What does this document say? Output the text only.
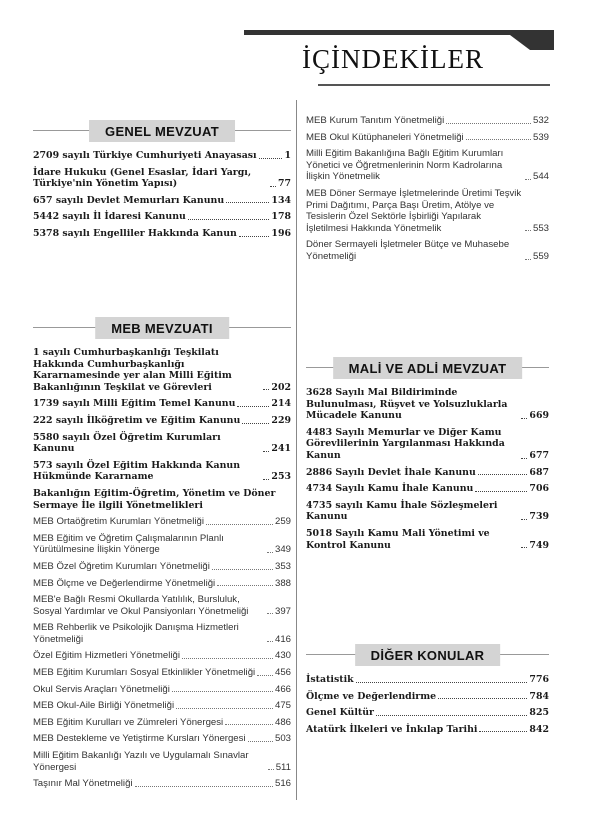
İÇİNDEKİLER
GENEL MEVZUAT
2709 sayılı Türkiye Cumhuriyeti Anayasası	1
İdare Hukuku (Genel Esaslar, İdari Yargı, Türkiye'nin Yönetim Yapısı)	77
657 sayılı Devlet Memurları Kanunu	134
5442 sayılı İl İdaresi Kanunu	178
5378 sayılı Engelliler Hakkında Kanun	196
MEB MEVZUATI
1 sayılı Cumhurbaşkanlığı Teşkilatı Hakkında Cumhurbaşkanlığı Kararnamesinde yer alan Milli Eğitim Bakanlığının Teşkilat ve Görevleri	202
1739 sayılı Milli Eğitim Temel Kanunu	214
222 sayılı İlköğretim ve Eğitim Kanunu	229
5580 sayılı Özel Öğretim Kurumları Kanunu	241
573 sayılı Özel Eğitim Hakkında Kanun Hükmünde Kararname	253
Bakanlığın Eğitim-Öğretim, Yönetim ve Döner Sermaye İle ilgili Yönetmelikleri
MEB Ortaöğretim Kurumları Yönetmeliği	259
MEB Eğitim ve Öğretim Çalışmalarının Planlı Yürütülmesine İlişkin Yönerge	349
MEB Özel Öğretim Kurumları Yönetmeliği	353
MEB Ölçme ve Değerlendirme Yönetmeliği	388
MEB'e Bağlı Resmi Okullarda Yatılılık, Bursluluk, Sosyal Yardımlar ve Okul Pansiyonları Yönetmeliği	397
MEB Rehberlik ve Psikolojik Danışma Hizmetleri Yönetmeliği	416
Özel Eğitim Hizmetleri Yönetmeliği	430
MEB Eğitim Kurumları Sosyal Etkinlikler Yönetmeliği 456
Okul Servis Araçları Yönetmeliği	466
MEB Okul-Aile Birliği Yönetmeliği	475
MEB Eğitim Kurulları ve Zümreleri Yönergesi	486
MEB Destekleme ve Yetiştirme Kursları Yönergesi	503
Milli Eğitim Bakanlığı Yazılı ve Uygulamalı Sınavlar Yönergesi	511
Taşınır Mal Yönetmeliği	516
MEB Kurum Tanıtım Yönetmeliği	532
MEB Okul Kütüphaneleri Yönetmeliği	539
Milli Eğitim Bakanlığına Bağlı Eğitim Kurumları Yönetici ve Öğretmenlerinin Norm Kadrolarına İlişkin Yönetmelik	544
MEB Döner Sermaye İşletmelerinde Üretimi Teşvik Primi Dağıtımı, Parça Başı Üretim, Atölye ve Tesislerin Özel Sektörle İşbirliği Yapılarak İşletilmesi Hakkında Yönetmelik	553
Döner Sermayeli İşletmeler Bütçe ve Muhasebe Yönetmeliği	559
MALİ VE ADLİ MEVZUAT
3628 Sayılı Mal Bildiriminde Bulunulması, Rüşvet ve Yolsuzluklarla Mücadele Kanunu	669
4483 Sayılı Memurlar ve Diğer Kamu Görevlilerinin Yargılanması Hakkında Kanun	677
2886 Sayılı Devlet İhale Kanunu	687
4734 Sayılı Kamu İhale Kanunu	706
4735 sayılı Kamu İhale Sözleşmeleri Kanunu	739
5018 Sayılı Kamu Mali Yönetimi ve Kontrol Kanunu	749
DİĞER KONULAR
İstatistik	776
Ölçme ve Değerlendirme	784
Genel Kültür	825
Atatürk İlkeleri ve İnkılap Tarihi	842
